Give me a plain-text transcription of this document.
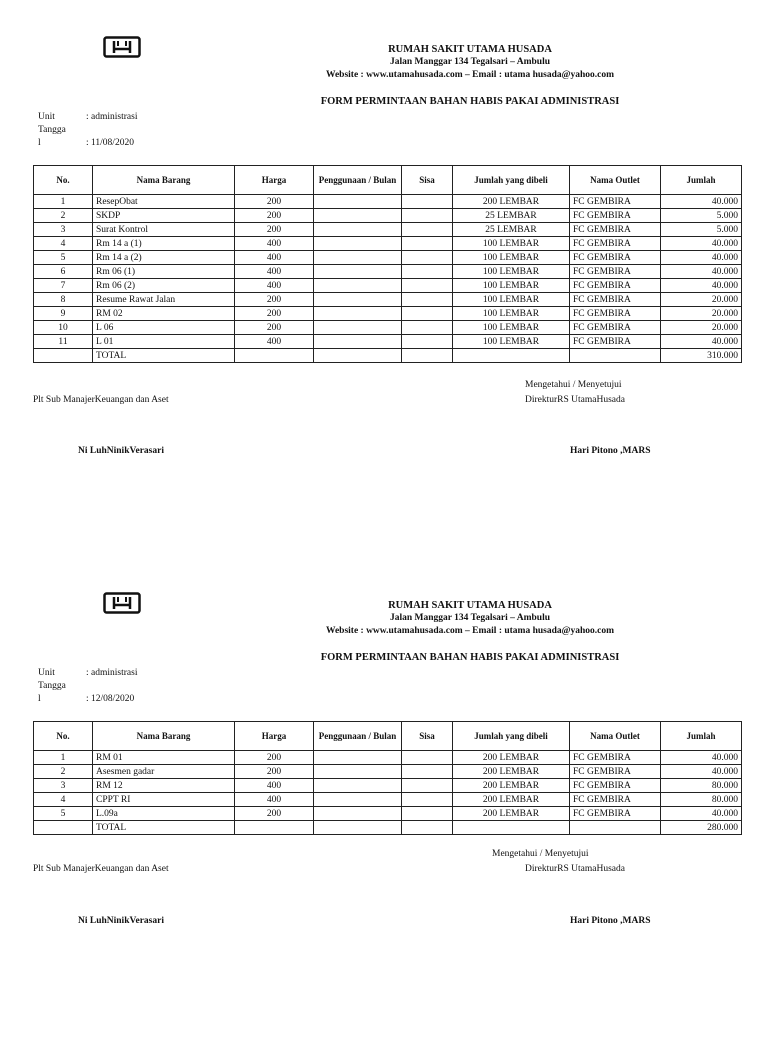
RUMAH SAKIT UTAMA HUSADA
Jalan Manggar 134 Tegalsari – Ambulu
Website : www.utamahusada.com – Email : utama husada@yahoo.com
FORM PERMINTAAN BAHAN HABIS PAKAI ADMINISTRASI
Unit	: administrasi
Tangga
l	: 11/08/2020
No.	Nama Barang	Harga	Penggunaan / Bulan	Sisa	Jumlah yang dibeli	Nama Outlet	Jumlah
1	ResepObat	200			200 LEMBAR	FC GEMBIRA	40.000
2	SKDP	200			25 LEMBAR	FC GEMBIRA	5.000
3	Surat Kontrol	200			25 LEMBAR	FC GEMBIRA	5.000
4	Rm 14 a (1)	400			100 LEMBAR	FC GEMBIRA	40.000
5	Rm 14 a (2)	400			100 LEMBAR	FC GEMBIRA	40.000
6	Rm 06 (1)	400			100 LEMBAR	FC GEMBIRA	40.000
7	Rm 06 (2)	400			100 LEMBAR	FC GEMBIRA	40.000
8	Resume Rawat Jalan	200			100 LEMBAR	FC GEMBIRA	20.000
9	RM 02	200			100 LEMBAR	FC GEMBIRA	20.000
10	L 06	200			100 LEMBAR	FC GEMBIRA	20.000
11	L 01	400			100 LEMBAR	FC GEMBIRA	40.000
	TOTAL						310.000
Mengetahui / Menyetujui
Plt Sub ManajerKeuangan dan Aset	DirekturRS UtamaHusada
Ni LuhNinikVerasari	Hari Pitono ,MARS
RUMAH SAKIT UTAMA HUSADA
Jalan Manggar 134 Tegalsari – Ambulu
Website : www.utamahusada.com – Email : utama husada@yahoo.com
FORM PERMINTAAN BAHAN HABIS PAKAI ADMINISTRASI
Unit	: administrasi
Tangga
l	: 12/08/2020
No.	Nama Barang	Harga	Penggunaan / Bulan	Sisa	Jumlah yang dibeli	Nama Outlet	Jumlah
1	RM 01	200			200 LEMBAR	FC GEMBIRA	40.000
2	Asesmen gadar	200			200 LEMBAR	FC GEMBIRA	40.000
3	RM 12	400			200 LEMBAR	FC GEMBIRA	80.000
4	CPPT RI	400			200 LEMBAR	FC GEMBIRA	80.000
5	L.09a	200			200 LEMBAR	FC GEMBIRA	40.000
	TOTAL						280.000
Mengetahui / Menyetujui
Plt Sub ManajerKeuangan dan Aset	DirekturRS UtamaHusada
Ni LuhNinikVerasari	Hari Pitono ,MARS
